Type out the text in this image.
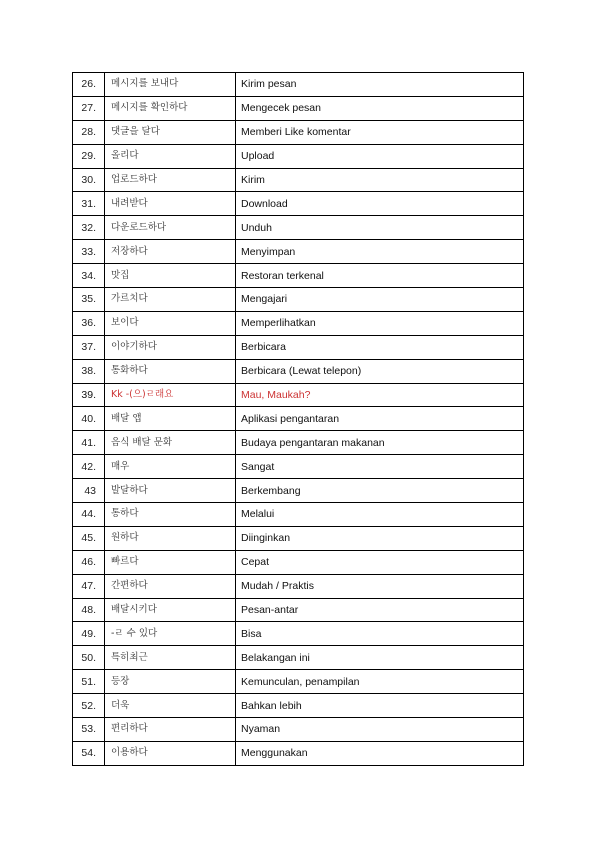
26.	메시지를 보내다	Kirim pesan
27.	메시지를 확인하다	Mengecek pesan
28.	댓글을 달다	Memberi Like komentar
29.	올리다	Upload
30.	업로드하다	Kirim
31.	내려받다	Download
32.	다운로드하다	Unduh
33.	저장하다	Menyimpan
34.	맛집	Restoran terkenal
35.	가르치다	Mengajari
36.	보이다	Memperlihatkan
37.	이야기하다	Berbicara
38.	통화하다	Berbicara (Lewat telepon)
39.	Kk -(으)ㄹ래요	Mau, Maukah?
40.	배달 앱	Aplikasi pengantaran
41.	음식 배달 문화	Budaya pengantaran makanan
42.	매우	Sangat
43	발달하다	Berkembang
44.	통하다	Melalui
45.	원하다	Diinginkan
46.	빠르다	Cepat
47.	간편하다	Mudah / Praktis
48.	배달시키다	Pesan-antar
49.	-ㄹ 수 있다	Bisa
50.	특히최근	Belakangan ini
51.	등장	Kemunculan, penampilan
52.	더욱	Bahkan lebih
53.	편리하다	Nyaman
54.	이용하다	Menggunakan
